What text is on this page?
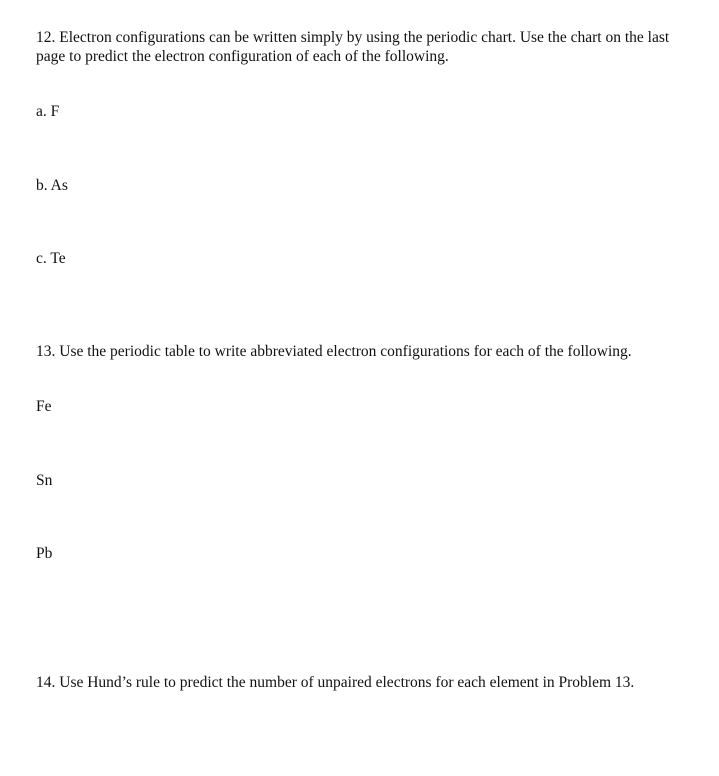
12. Electron configurations can be written simply by using the periodic chart. Use the chart on the last page to predict the electron configuration of each of the following.

a. F

b. As

c. Te

13. Use the periodic table to write abbreviated electron configurations for each of the following.

Fe

Sn

Pb

14. Use Hund’s rule to predict the number of unpaired electrons for each element in Problem 13.
